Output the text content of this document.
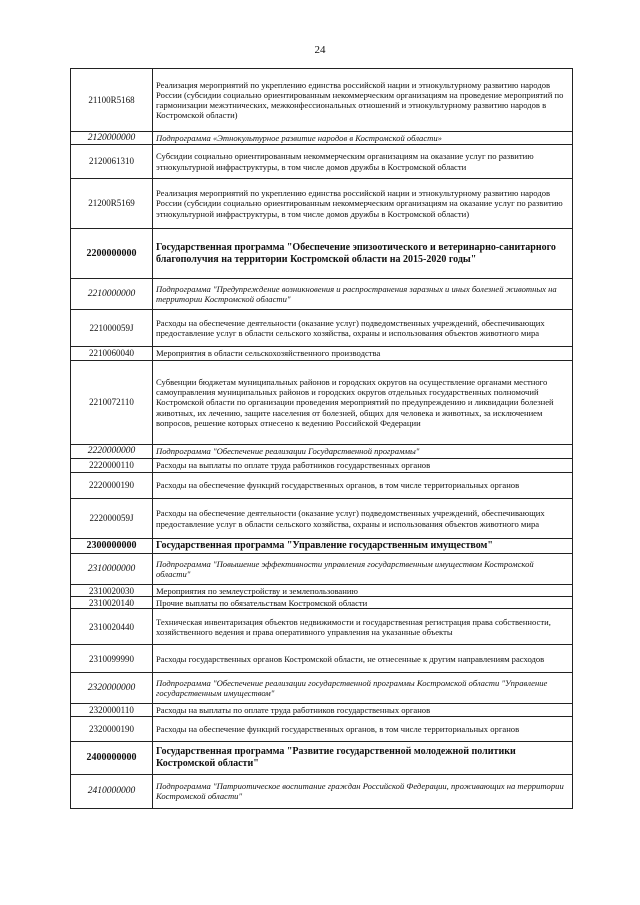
24
21100R5168	Реализация мероприятий по укреплению единства российской нации и этнокультурному развитию народов России (субсидии социально ориентированным некоммерческим организациям на проведение мероприятий по гармонизации межэтнических, межконфессиональных отношений и этнокультурному развитию народов в Костромской области)
2120000000	Подпрограмма «Этнокультурное развитие народов в Костромской области»
2120061310	Субсидии социально ориентированным некоммерческим организациям на оказание услуг по развитию этнокультурной инфраструктуры, в том числе домов дружбы в Костромской области
21200R5169	Реализация мероприятий по укреплению единства российской нации и этнокультурному развитию народов России (субсидии социально ориентированным некоммерческим организациям на оказание услуг по развитию этнокультурной инфраструктуры, в том числе домов дружбы в Костромской области)
2200000000	Государственная программа "Обеспечение эпизоотического и ветеринарно-санитарного благополучия на территории Костромской области на 2015-2020 годы"
2210000000	Подпрограмма "Предупреждение возникновения и распространения заразных и иных болезней животных на территории Костромской области"
221000059J	Расходы на обеспечение деятельности (оказание услуг) подведомственных учреждений, обеспечивающих предоставление услуг в области сельского хозяйства, охраны и использования объектов животного мира
2210060040	Мероприятия в области сельскохозяйственного производства
2210072110	Субвенции бюджетам муниципальных районов и городских округов на осуществление органами местного самоуправления муниципальных районов и городских округов отдельных государственных полномочий Костромской области по организации проведения мероприятий по предупреждению и ликвидации болезней животных, их лечению, защите населения от болезней, общих для человека и животных, за исключением вопросов, решение которых отнесено к ведению Российской Федерации
2220000000	Подпрограмма "Обеспечение реализации Государственной программы"
2220000110	Расходы на выплаты по оплате труда работников государственных органов
2220000190	Расходы на обеспечение функций государственных органов, в том числе территориальных органов
222000059J	Расходы на обеспечение деятельности (оказание услуг) подведомственных учреждений, обеспечивающих предоставление услуг в области сельского хозяйства, охраны и использования объектов животного мира
2300000000	Государственная программа "Управление государственным имуществом"
2310000000	Подпрограмма "Повышение эффективности управления государственным имуществом Костромской области"
2310020030	Мероприятия по землеустройству и землепользованию
2310020140	Прочие выплаты по обязательствам Костромской области
2310020440	Техническая инвентаризация объектов недвижимости и государственная регистрация права собственности, хозяйственного ведения и права оперативного управления на указанные объекты
2310099990	Расходы государственных органов Костромской области, не отнесенные к другим направлениям расходов
2320000000	Подпрограмма "Обеспечение реализации государственной программы Костромской области "Управление государственным имуществом"
2320000110	Расходы на выплаты по оплате труда работников государственных органов
2320000190	Расходы на обеспечение функций государственных органов, в том числе территориальных органов
2400000000	Государственная программа "Развитие государственной молодежной политики Костромской области"
2410000000	Подпрограмма "Патриотическое воспитание граждан Российской Федерации, проживающих на территории Костромской области"
